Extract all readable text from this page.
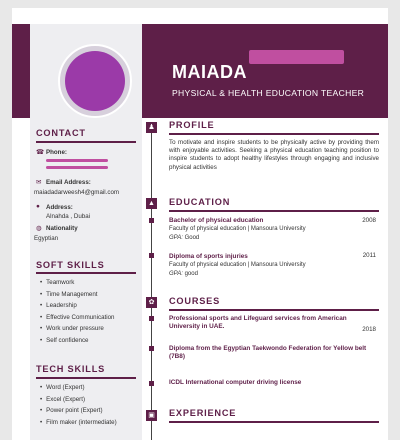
MAIADA
PHYSICAL & HEALTH EDUCATION TEACHER
CONTACT
☎ Phone:
✉ Email Address:
maiadadarweesh4@gmail.com
● Address:
Alnahda , Dubai
◍ Nationality
Egyptian
SOFT SKILLS
• Teamwork
• Time Management
• Leadership
• Effective Communication
• Work under pressure
• Self confidence
TECH SKILLS
• Word (Expert)
• Excel (Expert)
• Power point (Expert)
• Film maker (intermediate)
♟ PROFILE
To motivate and inspire students to be physically active by providing them with enjoyable activities. Seeking a physical education teaching position to inspire students to adopt healthy lifestyles through engaging and inclusive physical activities
▲ EDUCATION
Bachelor of physical education	2008
Faculty of physical education | Mansoura University
GPA: Good
Diploma of sports injuries	2011
Faculty of physical education | Mansoura University
GPA: good
✿ COURSES
Professional sports and Lifeguard services from American University in UAE.	2018
Diploma from the Egyptian Taekwondo Federation for Yellow belt (7B8)
ICDL International computer driving license
▣ EXPERIENCE
